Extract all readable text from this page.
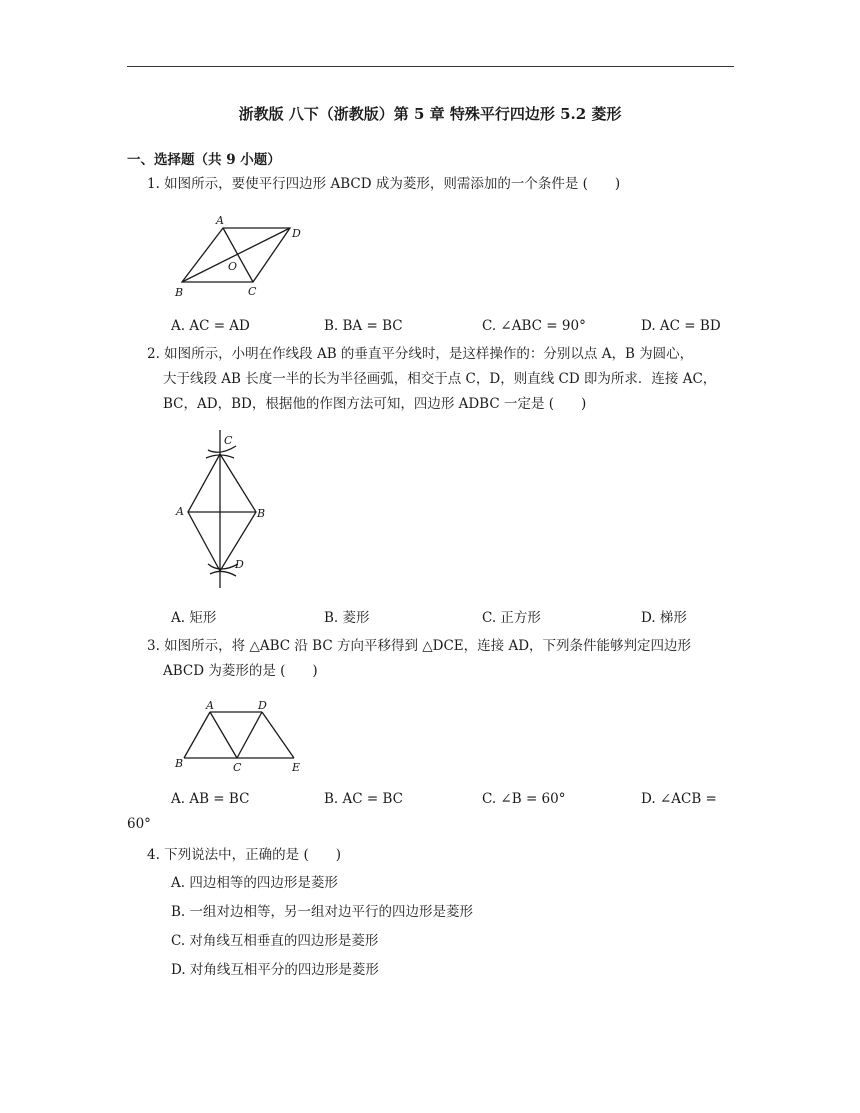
浙教版 八下（浙教版）第 5 章 特殊平行四边形 5.2 菱形
一、选择题（共 9 小题）
1. 如图所示，要使平行四边形 ABCD 成为菱形，则需添加的一个条件是 (　　)
A
D
O
B	C
A. AC = AD	B. BA = BC	C. ∠ABC = 90°	D. AC = BD
2. 如图所示，小明在作线段 AB 的垂直平分线时，是这样操作的：分别以点 A，B 为圆心，
大于线段 AB 长度一半的长为半径画弧，相交于点 C，D，则直线 CD 即为所求．连接 AC，
BC，AD，BD，根据他的作图方法可知，四边形 ADBC 一定是 (　　)
C
A	B
D
A. 矩形	B. 菱形	C. 正方形	D. 梯形
3. 如图所示，将 △ABC 沿 BC 方向平移得到 △DCE，连接 AD，下列条件能够判定四边形
ABCD 为菱形的是 (　　)
A	D
B	C	E
A. AB = BC	B. AC = BC	C. ∠B = 60°	D. ∠ACB =
60°
4. 下列说法中，正确的是 (　　)
A. 四边相等的四边形是菱形
B. 一组对边相等，另一组对边平行的四边形是菱形
C. 对角线互相垂直的四边形是菱形
D. 对角线互相平分的四边形是菱形
